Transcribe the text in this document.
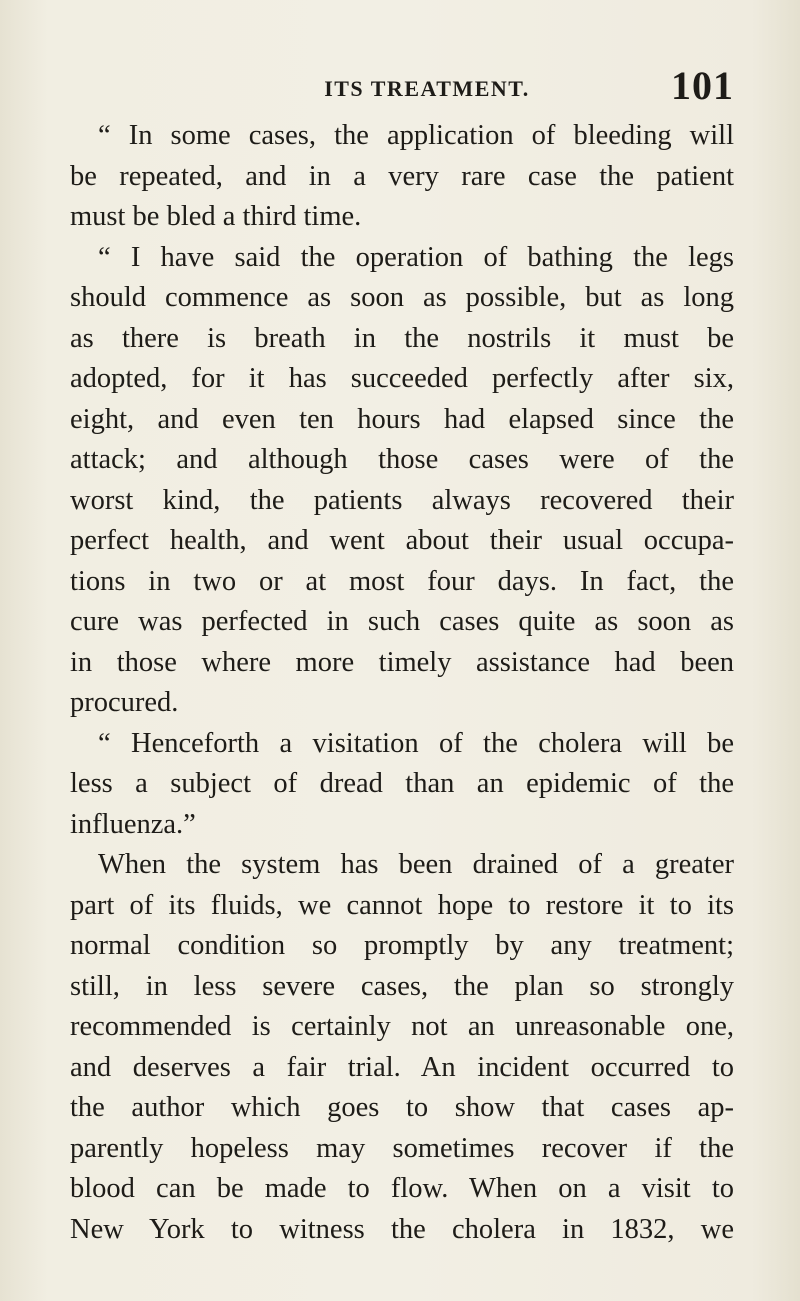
ITS TREATMENT.	101
“ In some cases, the application of bleeding will
be repeated, and in a very rare case the patient
must be bled a third time.
“ I have said the operation of bathing the legs
should commence as soon as possible, but as long
as there is breath in the nostrils it must be
adopted, for it has succeeded perfectly after six,
eight, and even ten hours had elapsed since the
attack; and although those cases were of the
worst kind, the patients always recovered their
perfect health, and went about their usual occupa-
tions in two or at most four days. In fact, the
cure was perfected in such cases quite as soon as
in those where more timely assistance had been
procured.
“ Henceforth a visitation of the cholera will be
less a subject of dread than an epidemic of the
influenza.”
When the system has been drained of a greater
part of its fluids, we cannot hope to restore it to its
normal condition so promptly by any treatment;
still, in less severe cases, the plan so strongly
recommended is certainly not an unreasonable one,
and deserves a fair trial. An incident occurred to
the author which goes to show that cases ap-
parently hopeless may sometimes recover if the
blood can be made to flow. When on a visit to
New York to witness the cholera in 1832, we
